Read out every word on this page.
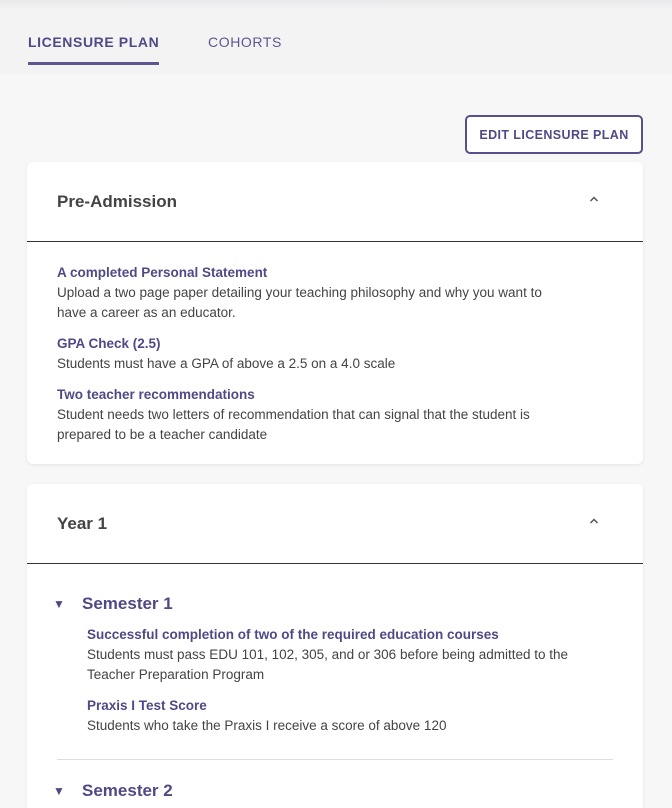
LICENSURE PLAN	COHORTS
EDIT LICENSURE PLAN
Pre-Admission
A completed Personal Statement
Upload a two page paper detailing your teaching philosophy and why you want to
have a career as an educator.
GPA Check (2.5)
Students must have a GPA of above a 2.5 on a 4.0 scale
Two teacher recommendations
Student needs two letters of recommendation that can signal that the student is
prepared to be a teacher candidate
Year 1
▼	Semester 1
Successful completion of two of the required education courses
Students must pass EDU 101, 102, 305, and or 306 before being admitted to the
Teacher Preparation Program
Praxis I Test Score
Students who take the Praxis I receive a score of above 120
▼	Semester 2
